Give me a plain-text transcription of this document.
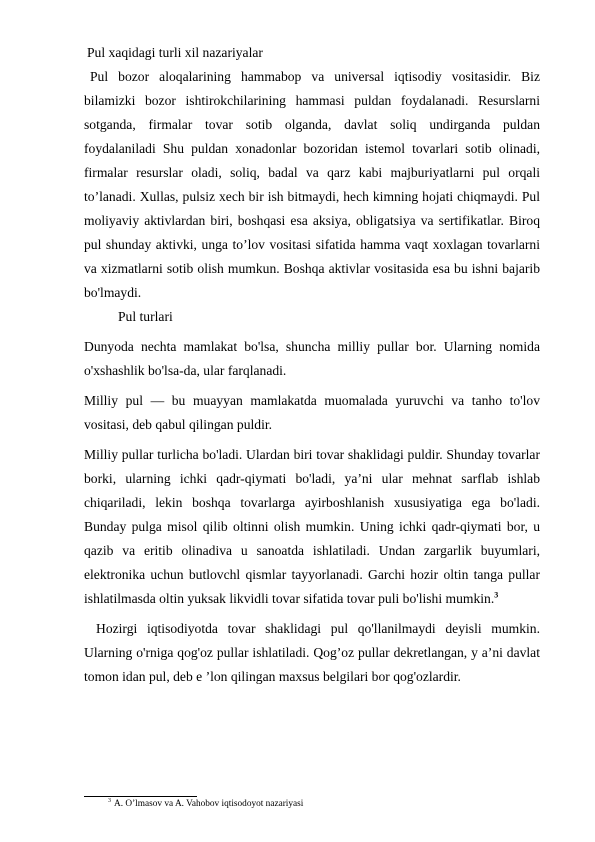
Pul xaqidagi turli xil nazariyalar

Pul bozor aloqalarining hammabop va universal iqtisodiy vositasidir. Biz bilamizki bozor ishtirokchilarining hammasi puldan foydalanadi. Resurslarni sotganda, firmalar tovar sotib olganda, davlat soliq undirganda puldan foydalaniladi Shu puldan xonadonlar bozoridan istemol tovarlari sotib olinadi, firmalar resurslar oladi, soliq, badal va qarz kabi majburiyatlarni pul orqali to’lanadi. Xullas, pulsiz xech bir ish bitmaydi, hech kimning hojati chiqmaydi. Pul moliyaviy aktivlardan biri, boshqasi esa aksiya, obligatsiya va sertifikatlar. Biroq pul shunday aktivki, unga to’lov vositasi sifatida hamma vaqt xoxlagan tovarlarni va xizmatlarni sotib olish mumkun. Boshqa aktivlar vositasida esa bu ishni bajarib bo'lmaydi.

Pul turlari

Dunyoda nechta mamlakat bo'lsa, shuncha milliy pullar bor. Ularning nomida o'xshashlik bo'lsa-da, ular farqlanadi.

Milliy pul — bu muayyan mamlakatda muomalada yuruvchi va tanho to'lov vositasi, deb qabul qilingan puldir.

Milliy pullar turlicha bo'ladi. Ulardan biri tovar shaklidagi puldir. Shunday tovarlar borki, ularning ichki qadr-qiymati bo'ladi, ya’ni ular mehnat sarflab ishlab chiqariladi, lekin boshqa tovarlarga ayirboshlanish xususiyatiga ega bo'ladi. Bunday pulga misol qilib oltinni olish mumkin. Uning ichki qadr-qiymati bor, u qazib va eritib olinadiva u sanoatda ishlatiladi. Undan zargarlik buyumlari, elektronika uchun butlovchl qismlar tayyorlanadi. Garchi hozir oltin tanga pullar ishlatilmasda oltin yuksak likvidli tovar sifatida tovar puli bo'lishi mumkin.$^3$

Hozirgi iqtisodiyotda tovar shaklidagi pul qo'llanilmaydi deyisli mumkin. Ularning o'rniga qog'oz pullar ishlatiladi. Qog’oz pullar dekretlangan, y a’ni davlat tomon idan pul, deb e ’lon qilingan maxsus belgilari bor qog'ozlardir.

$^3$ A. O’lmasov va A. Vahobov iqtisodoyot nazariyasi
